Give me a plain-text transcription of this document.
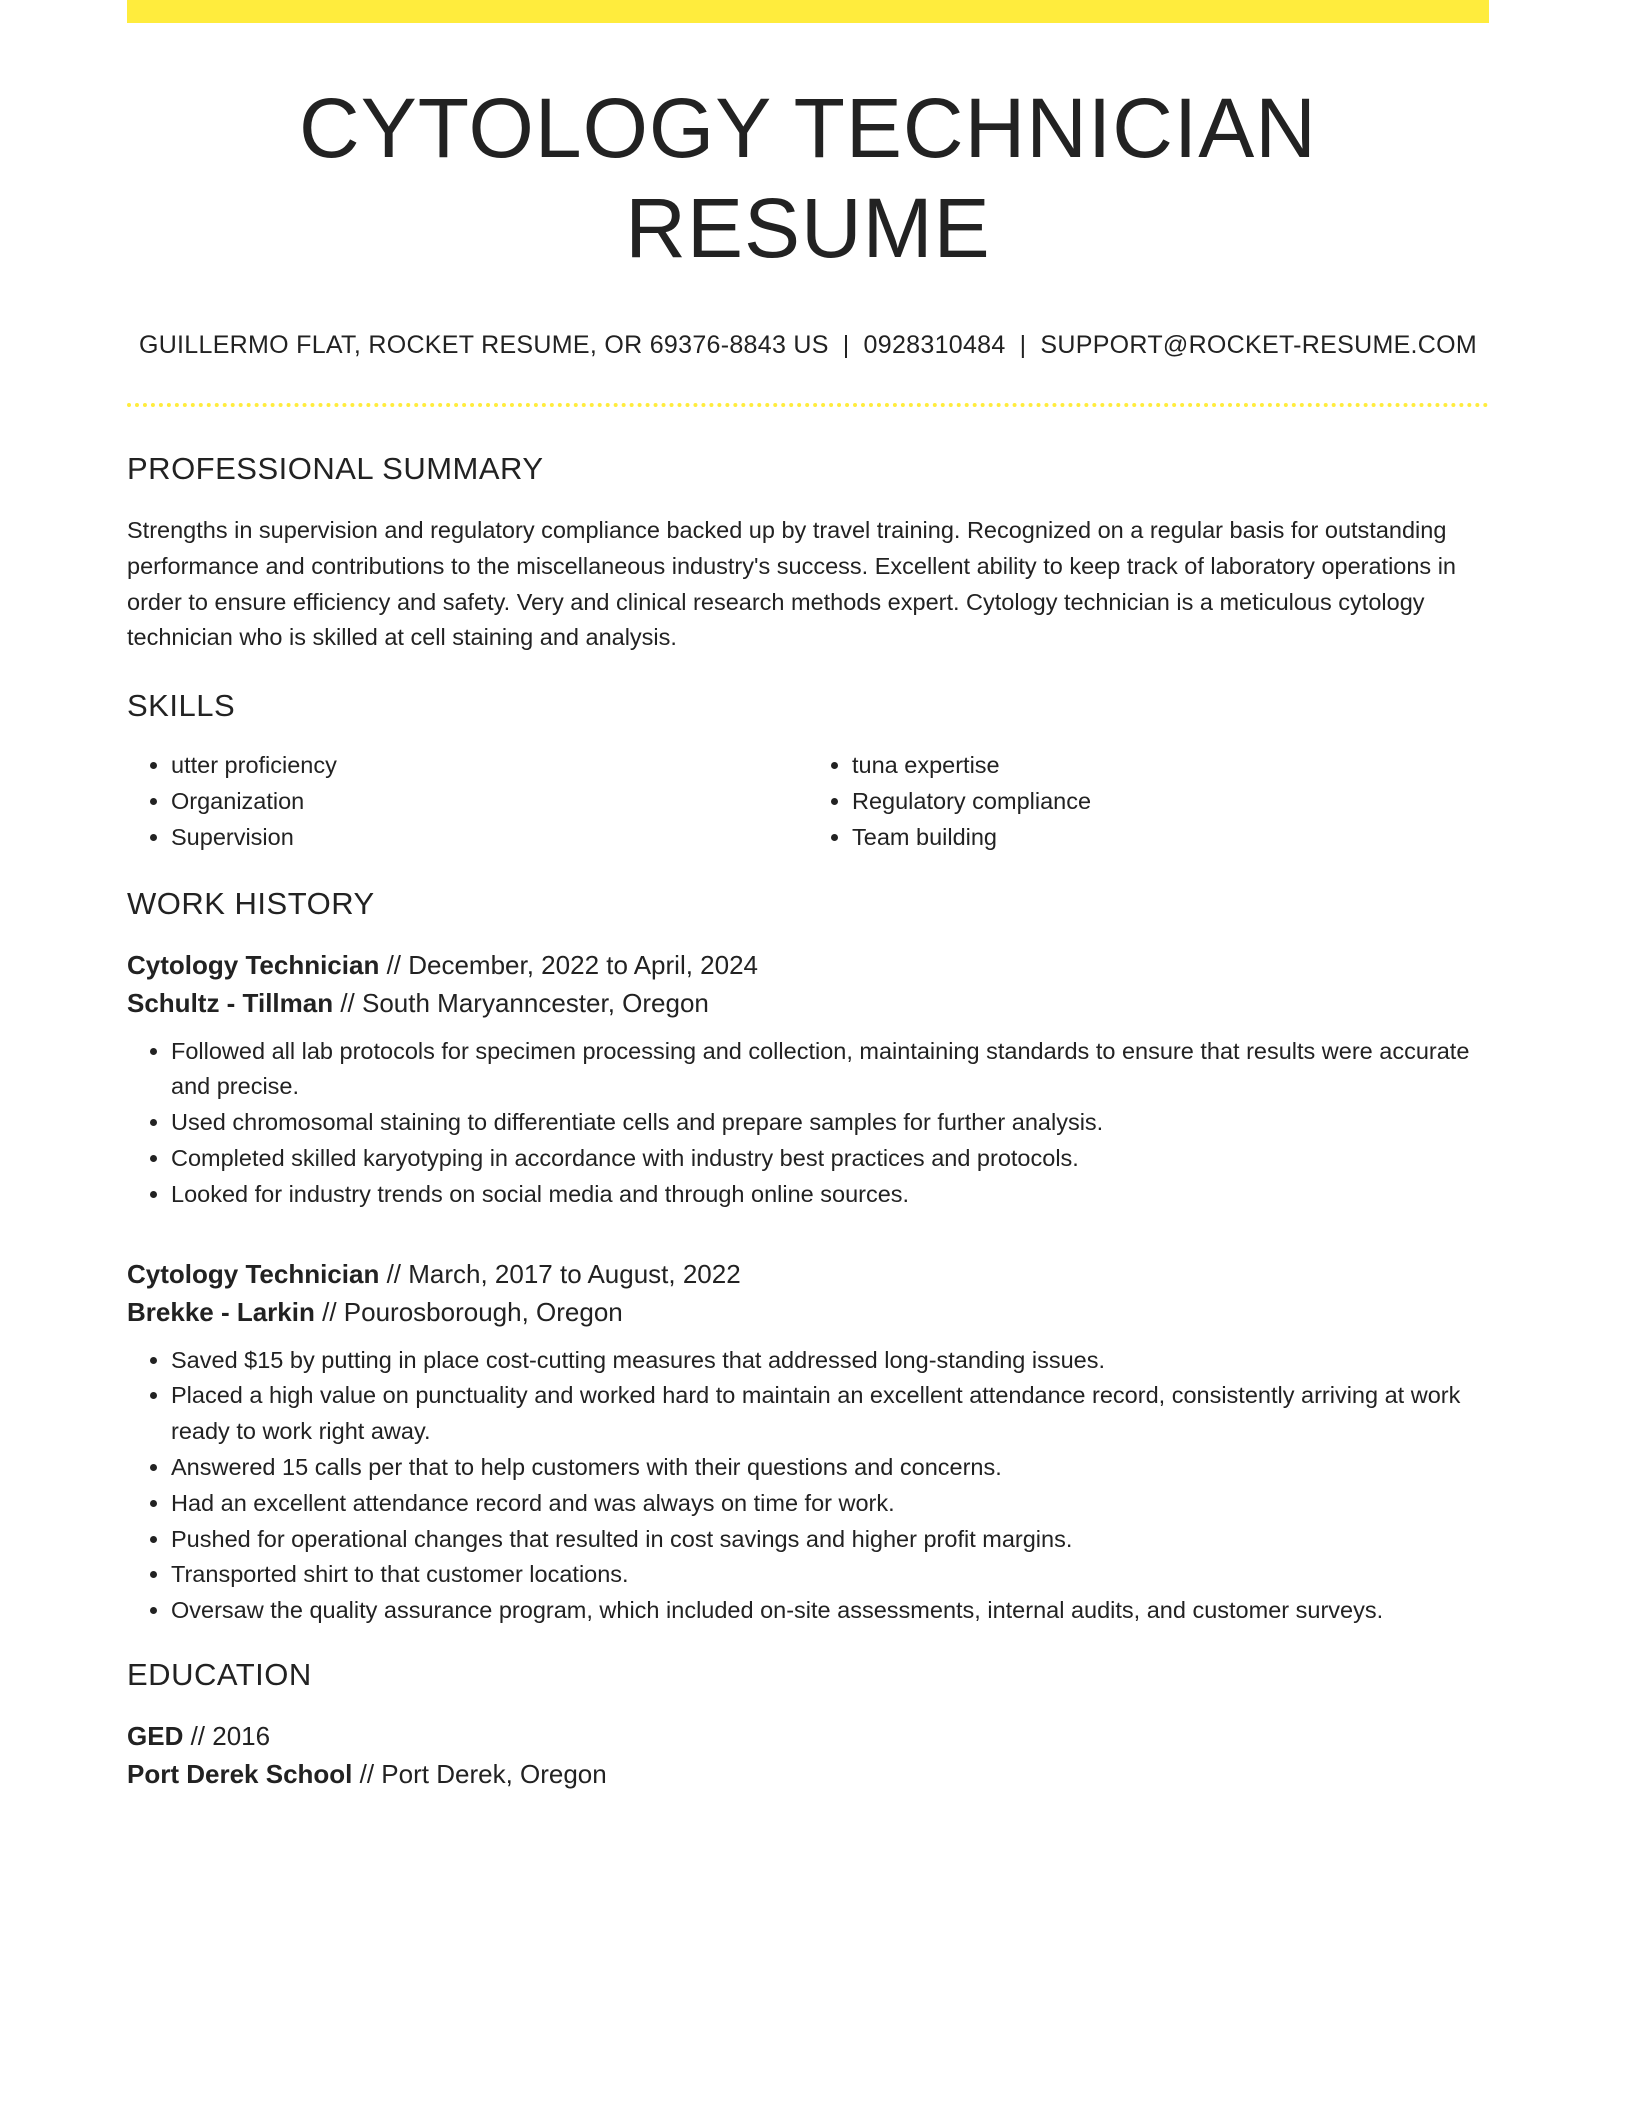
CYTOLOGY TECHNICIAN RESUME
GUILLERMO FLAT, ROCKET RESUME, OR 69376-8843 US | 0928310484 | SUPPORT@ROCKET-RESUME.COM
PROFESSIONAL SUMMARY

Strengths in supervision and regulatory compliance backed up by travel training. Recognized on a regular basis for outstanding performance and contributions to the miscellaneous industry's success. Excellent ability to keep track of laboratory operations in order to ensure efficiency and safety. Very and clinical research methods expert. Cytology technician is a meticulous cytology technician who is skilled at cell staining and analysis.

SKILLS
• utter proficiency
• Organization
• Supervision
• tuna expertise
• Regulatory compliance
• Team building
WORK HISTORY
Cytology Technician // December, 2022 to April, 2024
Schultz - Tillman // South Maryanncester, Oregon
• Followed all lab protocols for specimen processing and collection, maintaining standards to ensure that results were accurate and precise.
• Used chromosomal staining to differentiate cells and prepare samples for further analysis.
• Completed skilled karyotyping in accordance with industry best practices and protocols.
• Looked for industry trends on social media and through online sources.
Cytology Technician // March, 2017 to August, 2022
Brekke - Larkin // Pourosborough, Oregon
• Saved $15 by putting in place cost-cutting measures that addressed long-standing issues.
• Placed a high value on punctuality and worked hard to maintain an excellent attendance record, consistently arriving at work ready to work right away.
• Answered 15 calls per that to help customers with their questions and concerns.
• Had an excellent attendance record and was always on time for work.
• Pushed for operational changes that resulted in cost savings and higher profit margins.
• Transported shirt to that customer locations.
• Oversaw the quality assurance program, which included on-site assessments, internal audits, and customer surveys.
EDUCATION
GED // 2016
Port Derek School // Port Derek, Oregon
